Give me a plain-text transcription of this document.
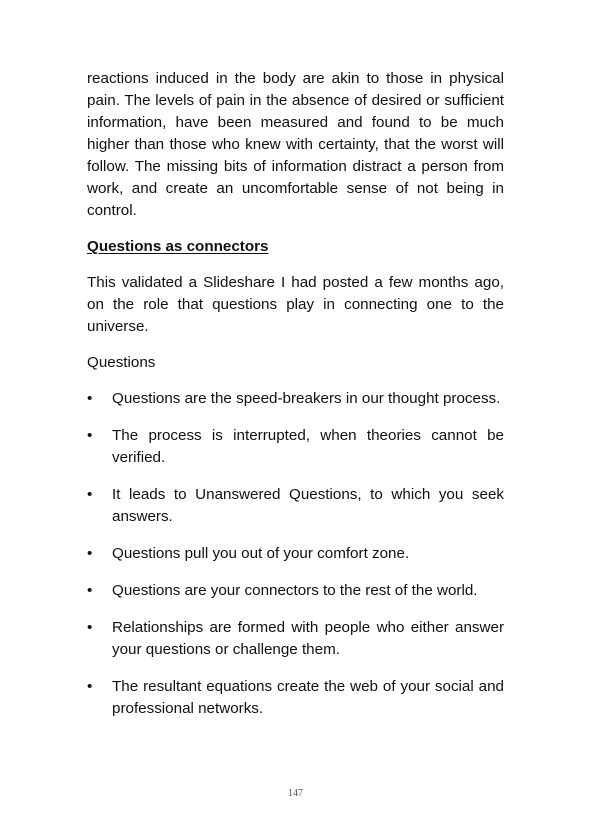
reactions induced in the body are akin to those in physical pain. The levels of pain in the absence of desired or sufficient information, have been measured and found to be much higher than those who knew with certainty, that the worst will follow. The missing bits of information distract a person from work, and create an uncomfortable sense of not being in control.

Questions as connectors

This validated a Slideshare I had posted a few months ago, on the role that questions play in connecting one to the universe.

Questions

• Questions are the speed-breakers in our thought process.
• The process is interrupted, when theories cannot be verified.
• It leads to Unanswered Questions, to which you seek answers.
• Questions pull you out of your comfort zone.
• Questions are your connectors to the rest of the world.
• Relationships are formed with people who either answer your questions or challenge them.
• The resultant equations create the web of your social and professional networks.
147
